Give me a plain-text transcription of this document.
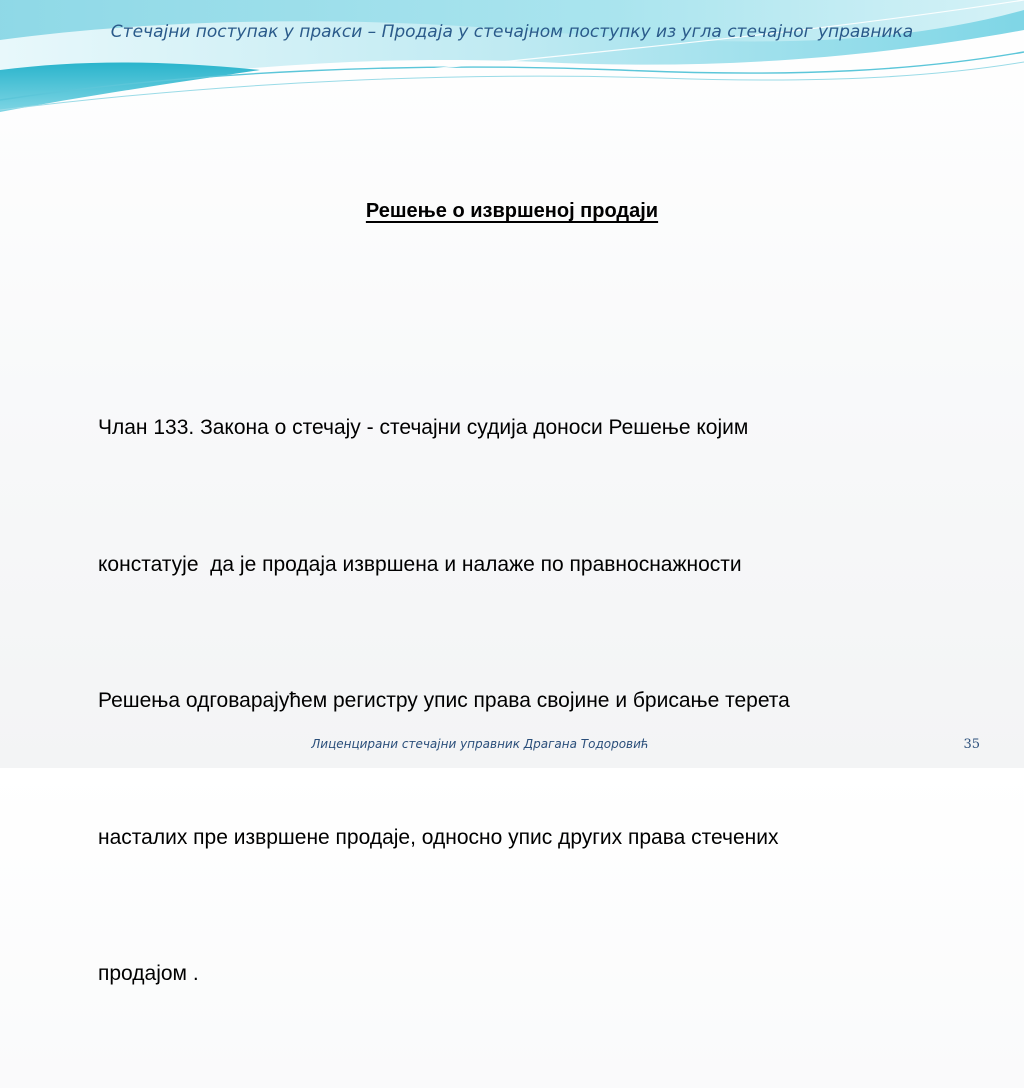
Стечајни поступак у пракси – Продаја у стечајном поступку из угла стечајног управника
Решење о извршеној продаји

Члан 133. Закона о стечају - стечајни судија доноси Решење којим

констатује  да је продаја извршена и налаже по правноснажности

Решења одговарајућем регистру упис права својине и брисање терета

насталих пре извршене продаје, односно упис других права стечених

продајом .

Лиценцирани стечајни управник Драгана Тодоровић	35
